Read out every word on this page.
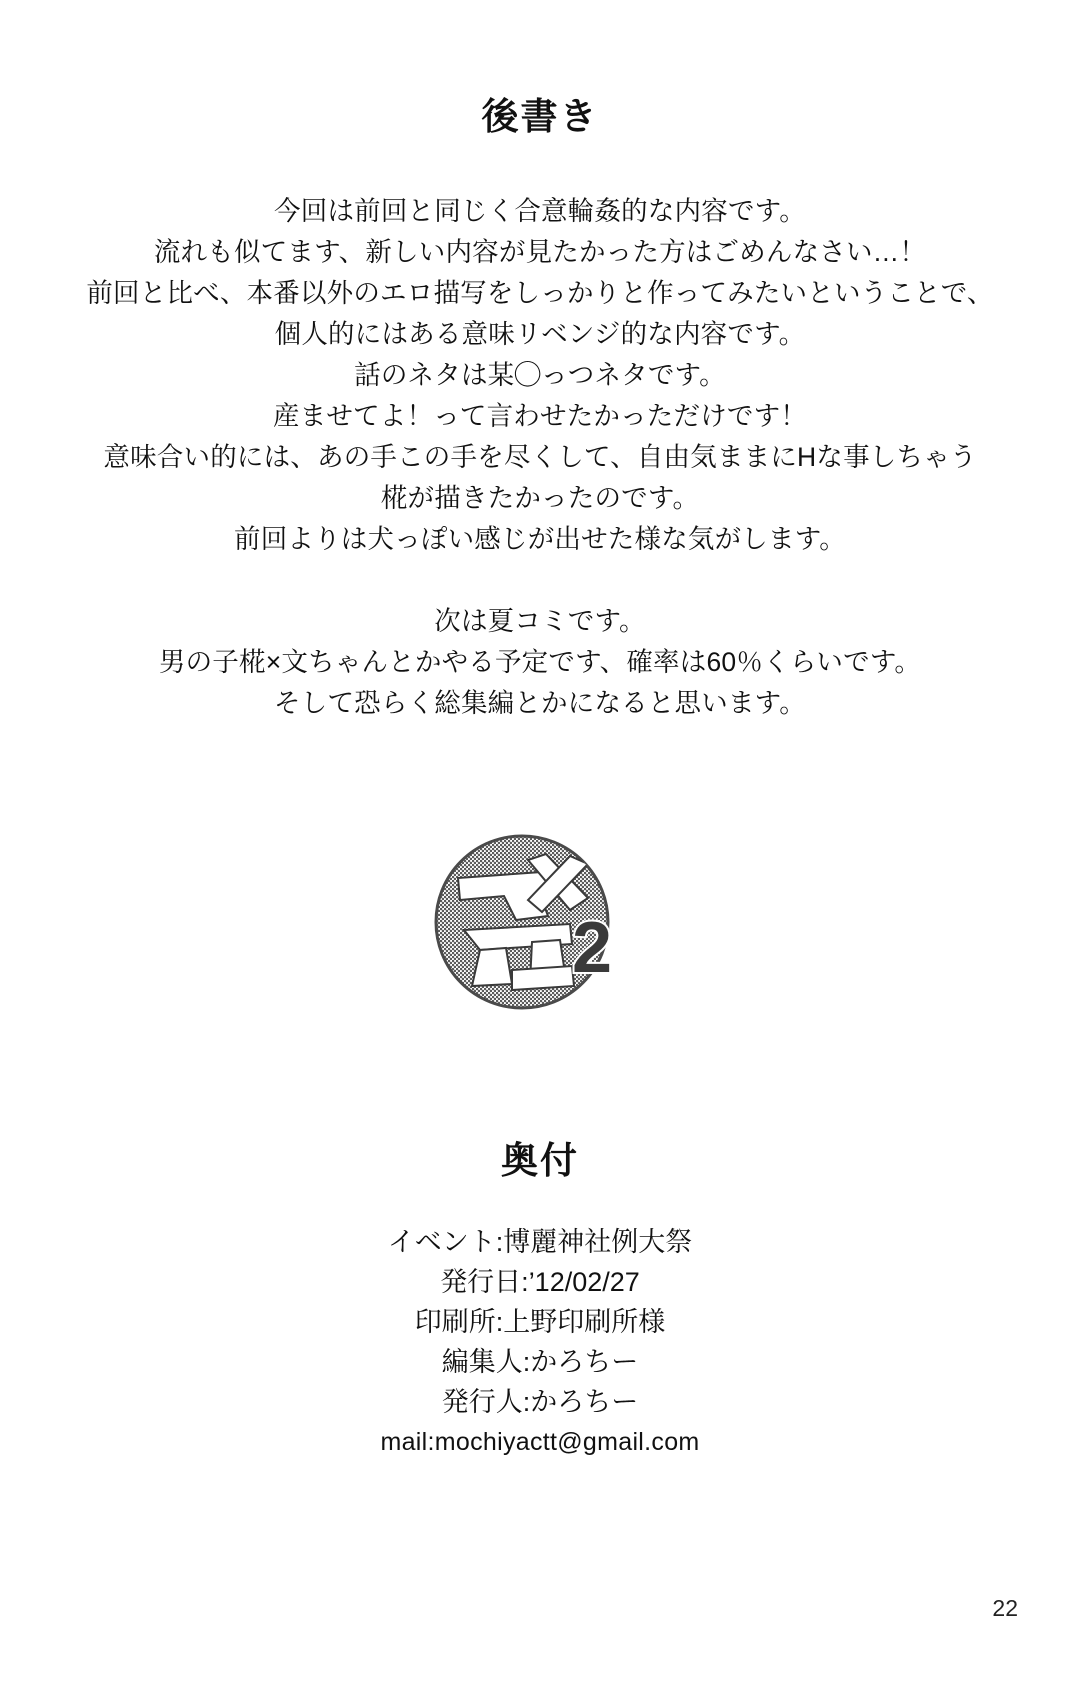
後書き

今回は前回と同じく合意輪姦的な内容です。

流れも似てます、新しい内容が見たかった方はごめんなさい…！

前回と比べ、本番以外のエロ描写をしっかりと作ってみたいということで、

個人的にはある意味リベンジ的な内容です。

話のネタは某◯っつネタです。

産ませてよ！って言わせたかっただけです！

意味合い的には、あの手この手を尽くして、自由気ままにHな事しちゃう

椛が描きたかったのです。

前回よりは犬っぽい感じが出せた様な気がします。

次は夏コミです。

男の子椛×文ちゃんとかやる予定です、確率は60％くらいです。

そして恐らく総集編とかになると思います。

2
奥付

イベント:博麗神社例大祭

発行日:’12/02/27

印刷所:上野印刷所様

編集人:かろちー

発行人:かろちー

mail:mochiyactt@gmail.com

22
